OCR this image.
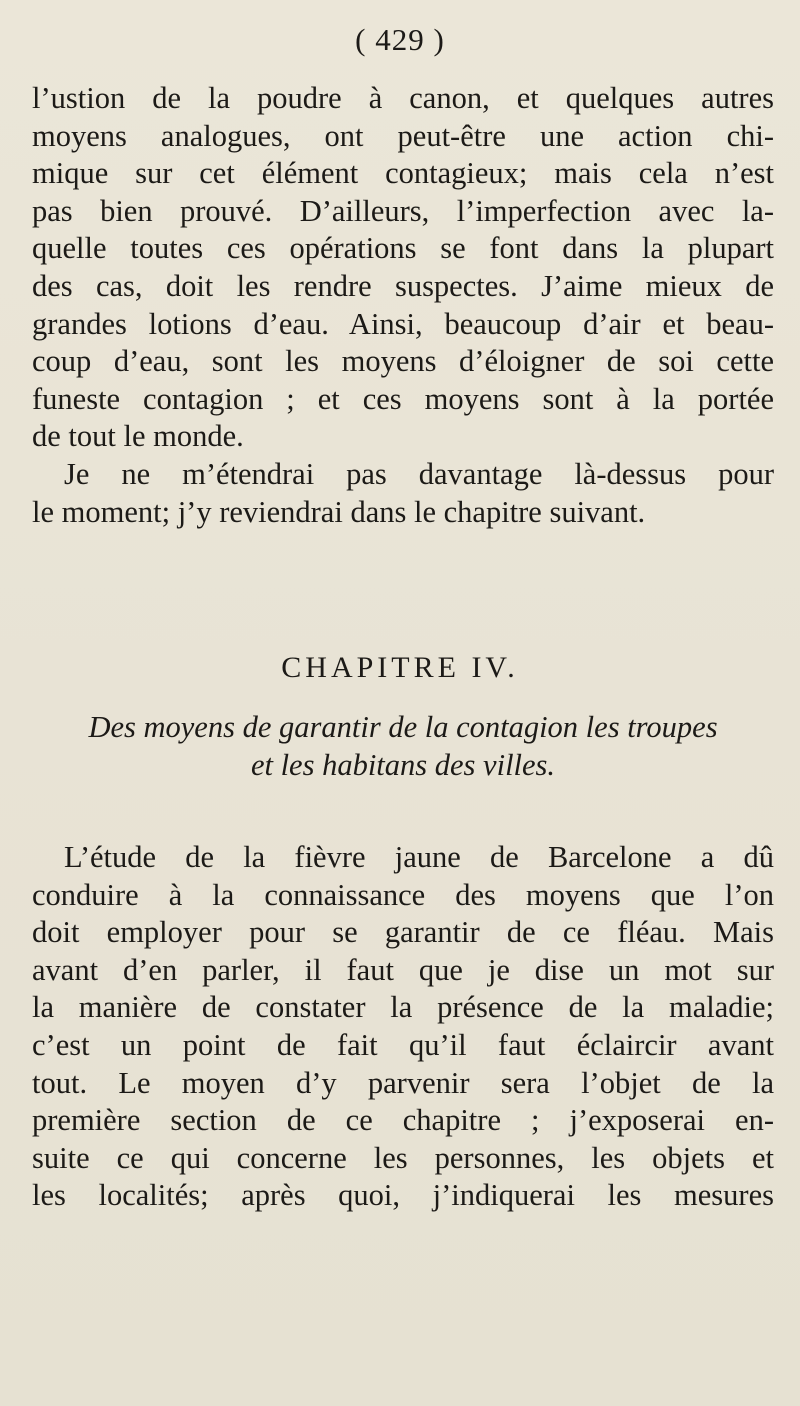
( 429 )
l’ustion de la poudre à canon, et quelques autres
moyens analogues, ont peut-être une action chi-
mique sur cet élément contagieux; mais cela n’est
pas bien prouvé. D’ailleurs, l’imperfection avec la-
quelle toutes ces opérations se font dans la plupart
des cas, doit les rendre suspectes. J’aime mieux de
grandes lotions d’eau. Ainsi, beaucoup d’air et beau-
coup d’eau, sont les moyens d’éloigner de soi cette
funeste contagion ; et ces moyens sont à la portée
de tout le monde.
Je ne m’étendrai pas davantage là-dessus pour
le moment; j’y reviendrai dans le chapitre suivant.
CHAPITRE IV.
Des moyens de garantir de la contagion les troupes
et les habitans des villes.
L’étude de la fièvre jaune de Barcelone a dû
conduire à la connaissance des moyens que l’on
doit employer pour se garantir de ce fléau. Mais
avant d’en parler, il faut que je dise un mot sur
la manière de constater la présence de la maladie;
c’est un point de fait qu’il faut éclaircir avant
tout. Le moyen d’y parvenir sera l’objet de la
première section de ce chapitre ; j’exposerai en-
suite ce qui concerne les personnes, les objets et
les localités; après quoi, j’indiquerai les mesures
